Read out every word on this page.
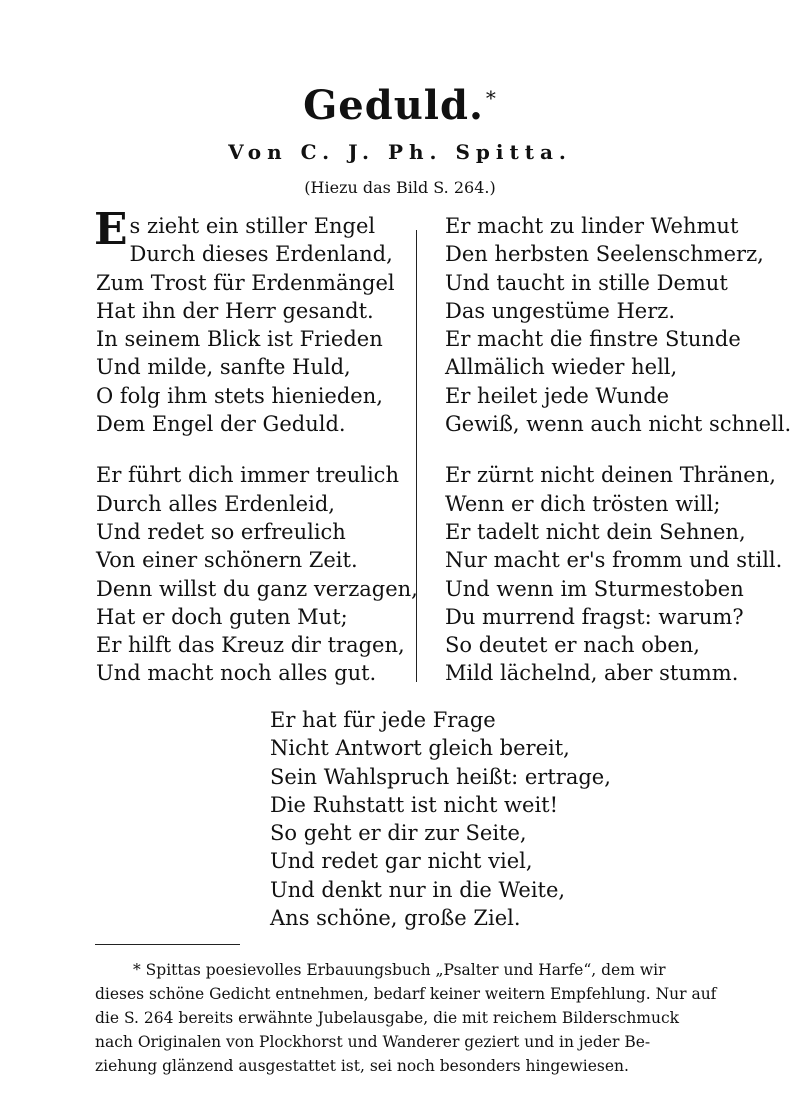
Geduld. *
Von C. J. Ph. Spitta.
(Hiezu das Bild S. 264.)
Es zieht ein stiller Engel
Durch dieses Erdenland,
Zum Trost für Erdenmängel
Hat ihn der Herr gesandt.
In seinem Blick ist Frieden
Und milde, sanfte Huld,
O folg ihm stets hienieden,
Dem Engel der Geduld.
Er führt dich immer treulich
Durch alles Erdenleid,
Und redet so erfreulich
Von einer schönern Zeit.
Denn willst du ganz verzagen,
Hat er doch guten Mut;
Er hilft das Kreuz dir tragen,
Und macht noch alles gut.
Er macht zu linder Wehmut
Den herbsten Seelenschmerz,
Und taucht in stille Demut
Das ungestüme Herz.
Er macht die finstre Stunde
Allmälich wieder hell,
Er heilet jede Wunde
Gewiß, wenn auch nicht schnell.
Er zürnt nicht deinen Thränen,
Wenn er dich trösten will;
Er tadelt nicht dein Sehnen,
Nur macht er's fromm und still.
Und wenn im Sturmestoben
Du murrend fragst: warum?
So deutet er nach oben,
Mild lächelnd, aber stumm.
Er hat für jede Frage
Nicht Antwort gleich bereit,
Sein Wahlspruch heißt: ertrage,
Die Ruhstatt ist nicht weit!
So geht er dir zur Seite,
Und redet gar nicht viel,
Und denkt nur in die Weite,
Ans schöne, große Ziel.
* Spittas poesievolles Erbauungsbuch „Psalter und Harfe“, dem wir
dieses schöne Gedicht entnehmen, bedarf keiner weitern Empfehlung. Nur auf
die S. 264 bereits erwähnte Jubelausgabe, die mit reichem Bilderschmuck
nach Originalen von Plockhorst und Wanderer geziert und in jeder Be-
ziehung glänzend ausgestattet ist, sei noch besonders hingewiesen.
